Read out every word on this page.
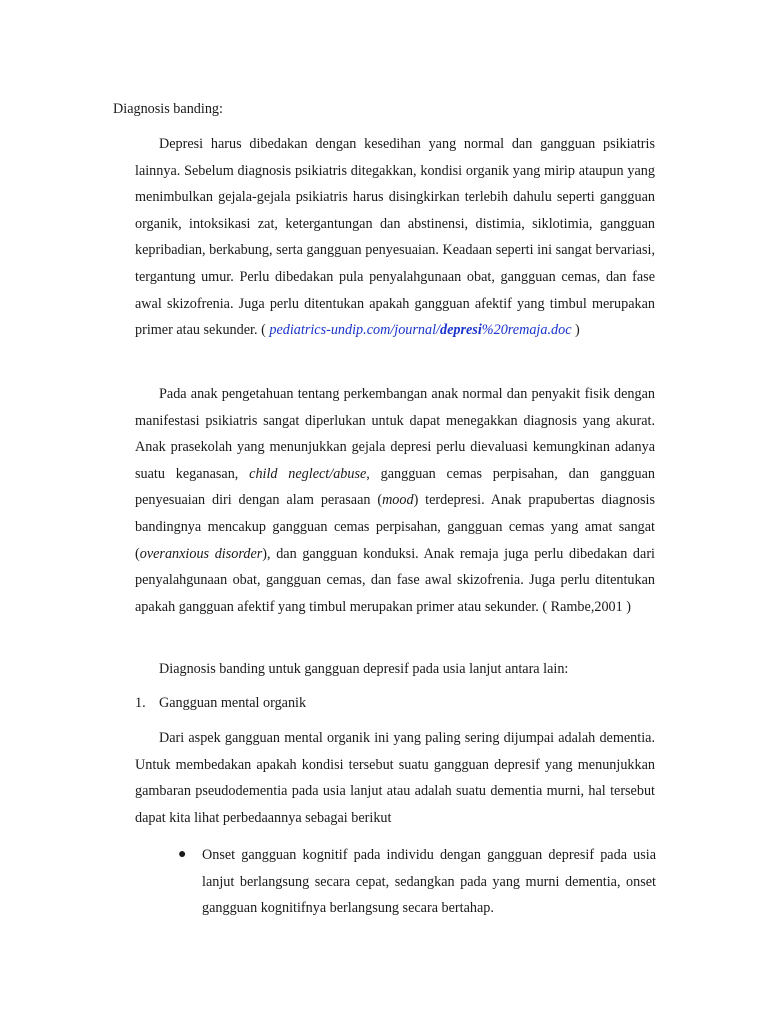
Diagnosis banding:

Depresi harus dibedakan dengan kesedihan yang normal dan gangguan psikiatris lainnya. Sebelum diagnosis psikiatris ditegakkan, kondisi organik yang mirip ataupun yang menimbulkan gejala-gejala psikiatris harus disingkirkan terlebih dahulu seperti gangguan organik, intoksikasi zat, ketergantungan dan abstinensi, distimia, siklotimia, gangguan kepribadian, berkabung, serta gangguan penyesuaian. Keadaan seperti ini sangat bervariasi, tergantung umur. Perlu dibedakan pula penyalahgunaan obat, gangguan cemas, dan fase awal skizofrenia. Juga perlu ditentukan apakah gangguan afektif yang timbul merupakan primer atau sekunder. ( pediatrics-undip.com/journal/depresi%20remaja.doc )

Pada anak pengetahuan tentang perkembangan anak normal dan penyakit fisik dengan manifestasi psikiatris sangat diperlukan untuk dapat menegakkan diagnosis yang akurat. Anak prasekolah yang menunjukkan gejala depresi perlu dievaluasi kemungkinan adanya suatu keganasan, child neglect/abuse, gangguan cemas perpisahan, dan gangguan penyesuaian diri dengan alam perasaan (mood) terdepresi. Anak prapubertas diagnosis bandingnya mencakup gangguan cemas perpisahan, gangguan cemas yang amat sangat (overanxious disorder), dan gangguan konduksi. Anak remaja juga perlu dibedakan dari penyalahgunaan obat, gangguan cemas, dan fase awal skizofrenia. Juga perlu ditentukan apakah gangguan afektif yang timbul merupakan primer atau sekunder. ( Rambe,2001 )

Diagnosis banding untuk gangguan depresif pada usia lanjut antara lain:

1. Gangguan mental organik

Dari aspek gangguan mental organik ini yang paling sering dijumpai adalah dementia. Untuk membedakan apakah kondisi tersebut suatu gangguan depresif yang menunjukkan gambaran pseudodementia pada usia lanjut atau adalah suatu dementia murni, hal tersebut dapat kita lihat perbedaannya sebagai berikut

● Onset gangguan kognitif pada individu dengan gangguan depresif pada usia lanjut berlangsung secara cepat, sedangkan pada yang murni dementia, onset gangguan kognitifnya berlangsung secara bertahap.
